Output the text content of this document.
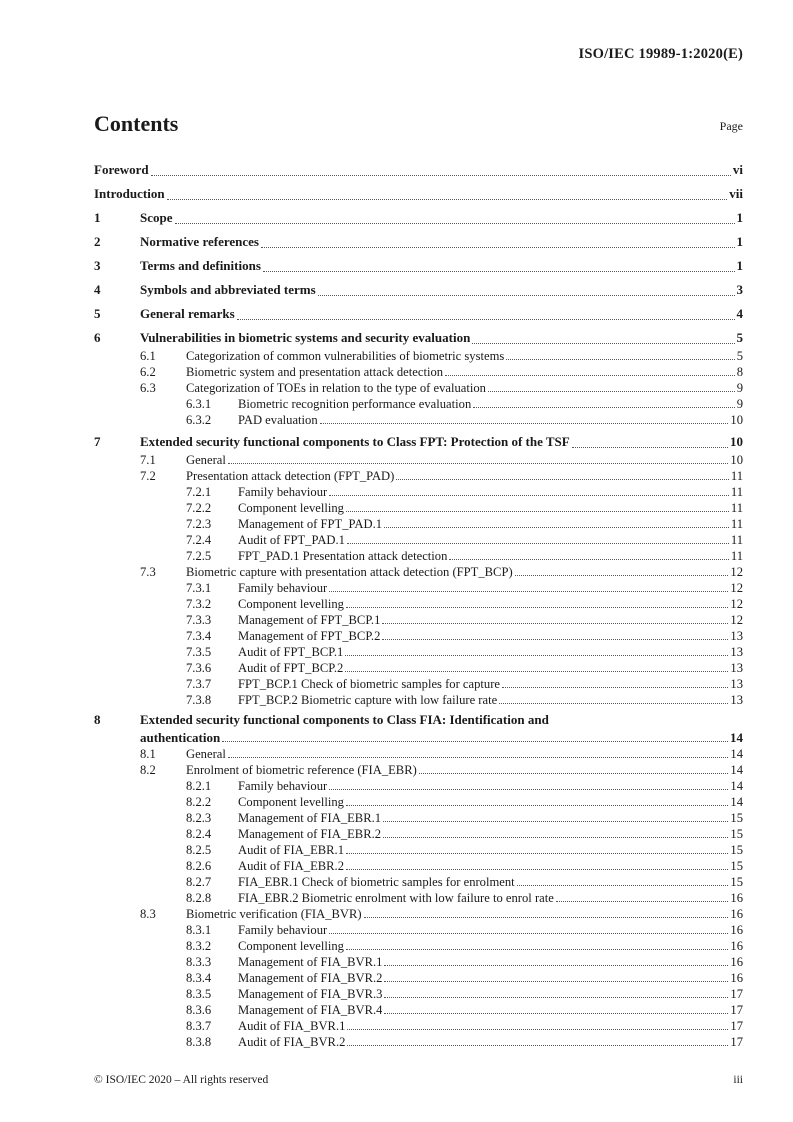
ISO/IEC 19989-1:2020(E)
Contents	Page
Foreword	vi
Introduction	vii
1	Scope	1
2	Normative references	1
3	Terms and definitions	1
4	Symbols and abbreviated terms	3
5	General remarks	4
6	Vulnerabilities in biometric systems and security evaluation	5
6.1	Categorization of common vulnerabilities of biometric systems	5
6.2	Biometric system and presentation attack detection	8
6.3	Categorization of TOEs in relation to the type of evaluation	9
6.3.1	Biometric recognition performance evaluation	9
6.3.2	PAD evaluation	10
7	Extended security functional components to Class FPT: Protection of the TSF	10
7.1	General	10
7.2	Presentation attack detection (FPT_PAD)	11
7.2.1	Family behaviour	11
7.2.2	Component levelling	11
7.2.3	Management of FPT_PAD.1	11
7.2.4	Audit of FPT_PAD.1	11
7.2.5	FPT_PAD.1 Presentation attack detection	11
7.3	Biometric capture with presentation attack detection (FPT_BCP)	12
7.3.1	Family behaviour	12
7.3.2	Component levelling	12
7.3.3	Management of FPT_BCP.1	12
7.3.4	Management of FPT_BCP.2	13
7.3.5	Audit of FPT_BCP.1	13
7.3.6	Audit of FPT_BCP.2	13
7.3.7	FPT_BCP.1 Check of biometric samples for capture	13
7.3.8	FPT_BCP.2 Biometric capture with low failure rate	13
8	Extended security functional components to Class FIA: Identification and
authentication	14
8.1	General	14
8.2	Enrolment of biometric reference (FIA_EBR)	14
8.2.1	Family behaviour	14
8.2.2	Component levelling	14
8.2.3	Management of FIA_EBR.1	15
8.2.4	Management of FIA_EBR.2	15
8.2.5	Audit of FIA_EBR.1	15
8.2.6	Audit of FIA_EBR.2	15
8.2.7	FIA_EBR.1 Check of biometric samples for enrolment	15
8.2.8	FIA_EBR.2 Biometric enrolment with low failure to enrol rate	16
8.3	Biometric verification (FIA_BVR)	16
8.3.1	Family behaviour	16
8.3.2	Component levelling	16
8.3.3	Management of FIA_BVR.1	16
8.3.4	Management of FIA_BVR.2	16
8.3.5	Management of FIA_BVR.3	17
8.3.6	Management of FIA_BVR.4	17
8.3.7	Audit of FIA_BVR.1	17
8.3.8	Audit of FIA_BVR.2	17
© ISO/IEC 2020 – All rights reserved	iii
